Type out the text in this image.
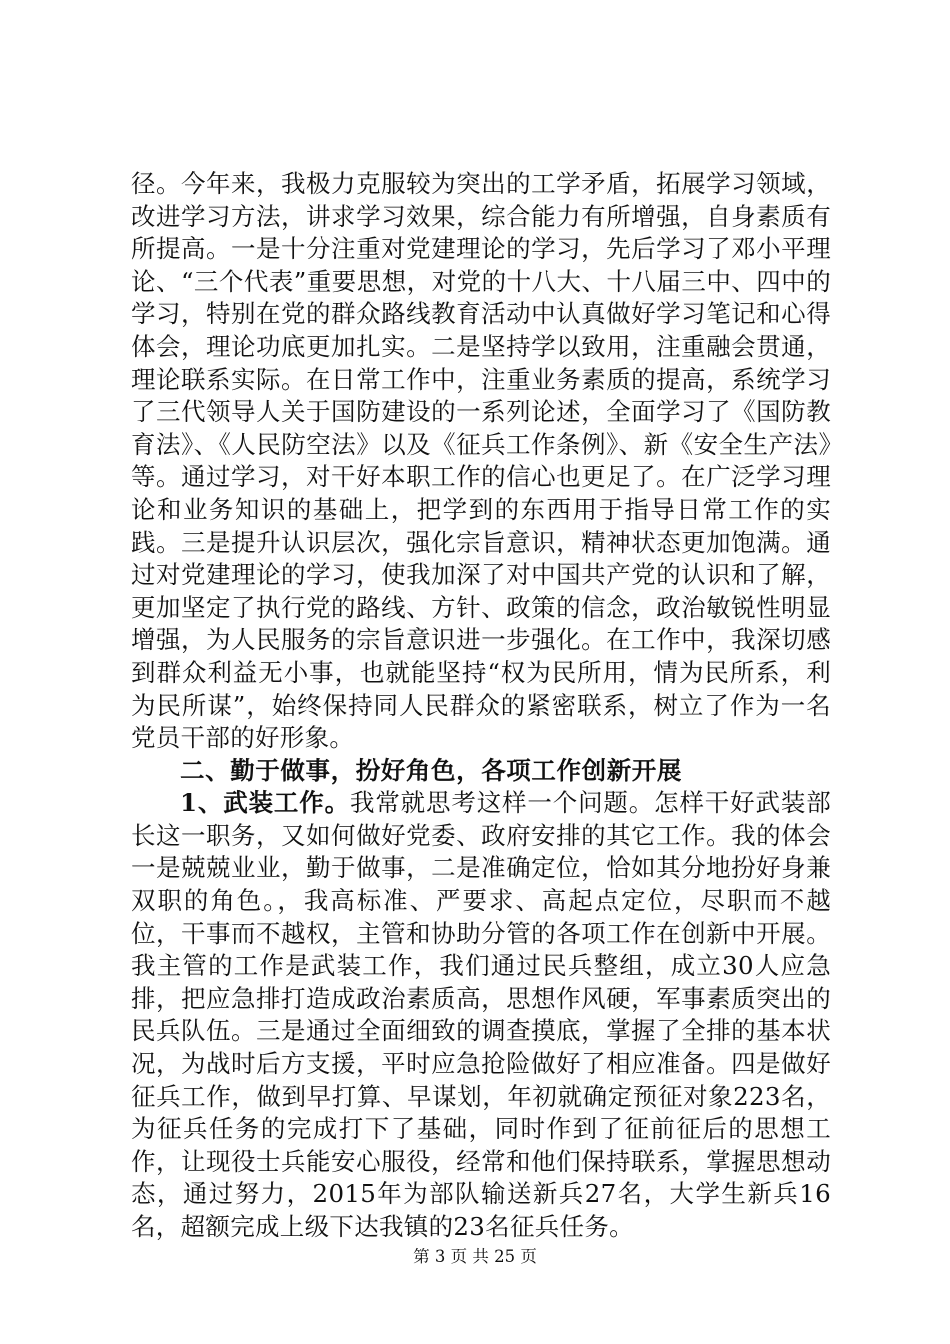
径。今年来，我极力克服较为突出的工学矛盾，拓展学习领域，改进学习方法，讲求学习效果，综合能力有所增强，自身素质有所提高。一是十分注重对党建理论的学习，先后学习了邓小平理论、“三个代表”重要思想，对党的十八大、十八届三中、四中的学习，特别在党的群众路线教育活动中认真做好学习笔记和心得体会，理论功底更加扎实。二是坚持学以致用，注重融会贯通，理论联系实际。在日常工作中，注重业务素质的提高，系统学习了三代领导人关于国防建设的一系列论述，全面学习了《国防教育法》、《人民防空法》以及《征兵工作条例》、新《安全生产法》等。通过学习，对干好本职工作的信心也更足了。在广泛学习理论和业务知识的基础上，把学到的东西用于指导日常工作的实践。三是提升认识层次，强化宗旨意识，精神状态更加饱满。通过对党建理论的学习，使我加深了对中国共产党的认识和了解，更加坚定了执行党的路线、方针、政策的信念，政治敏锐性明显增强，为人民服务的宗旨意识进一步强化。在工作中，我深切感到群众利益无小事，也就能坚持“权为民所用，情为民所系，利为民所谋”，始终保持同人民群众的紧密联系，树立了作为一名党员干部的好形象。

二、勤于做事，扮好角色，各项工作创新开展

1、武装工作。我常就思考这样一个问题。怎样干好武装部长这一职务，又如何做好党委、政府安排的其它工作。我的体会一是兢兢业业，勤于做事，二是准确定位，恰如其分地扮好身兼双职的角色。，我高标准、严要求、高起点定位，尽职而不越位，干事而不越权，主管和协助分管的各项工作在创新中开展。我主管的工作是武装工作，我们通过民兵整组，成立30人应急排，把应急排打造成政治素质高，思想作风硬，军事素质突出的民兵队伍。三是通过全面细致的调查摸底，掌握了全排的基本状况，为战时后方支援，平时应急抢险做好了相应准备。四是做好征兵工作，做到早打算、早谋划，年初就确定预征对象223名，为征兵任务的完成打下了基础，同时作到了征前征后的思想工作，让现役士兵能安心服役，经常和他们保持联系，掌握思想动态，通过努力，2015年为部队输送新兵27名，大学生新兵16名，超额完成上级下达我镇的23名征兵任务。

第 3 页 共 25 页
